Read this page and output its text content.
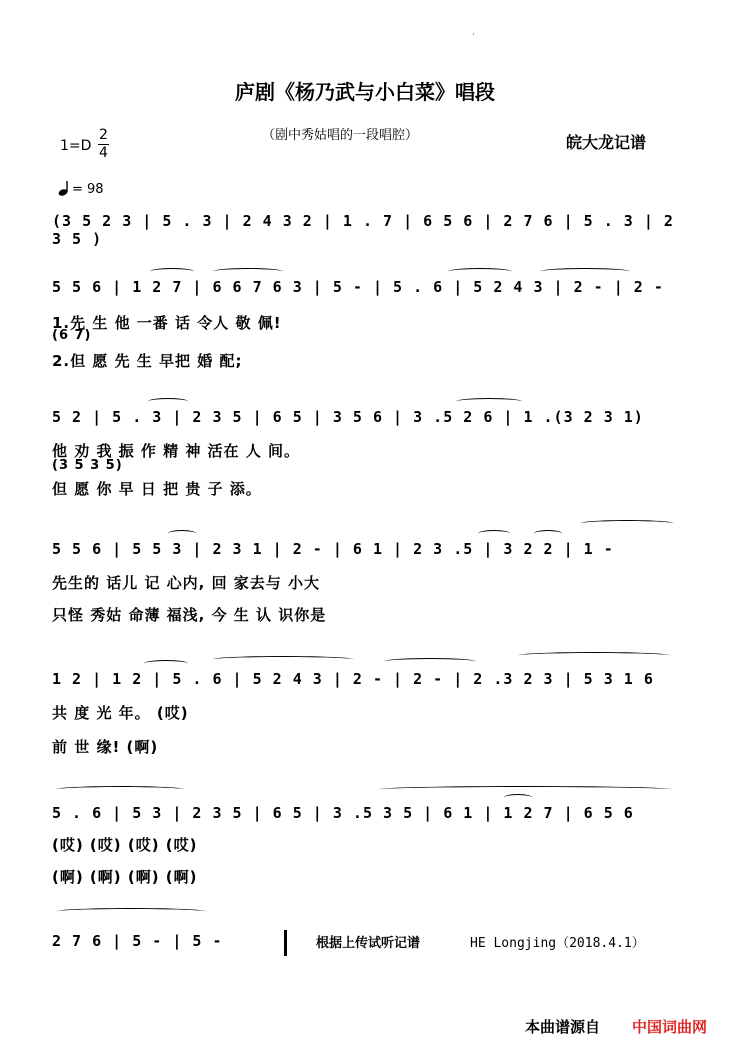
·
庐剧《杨乃武与小白菜》唱段
（剧中秀姑唱的一段唱腔）	皖大龙记谱
1=D
2
4
= 98
(3 5 2 3 | 5 . 3 | 2 4 3 2 | 1 . 7 | 6 5 6 | 2 7 6 | 5 . 3 | 2 3 5 )
5 5 6 | 1 2 7 | 6 6 7 6 3 | 5 - | 5 . 6 | 5 2 4 3 | 2 - | 2 -
1.先 生 他 一番 话 令人 敬 佩!
(6 7)
2.但 愿 先 生 早把 婚 配;
5 2 | 5 . 3 | 2 3 5 | 6 5 | 3 5 6 | 3 .5 2 6 | 1 .(3 2 3 1)
他 劝 我 振 作 精 神 活在 人 间。
(3 5 3 5)
但 愿 你 早 日 把 贵 子 添。
5 5 6 | 5 5 3 | 2 3 1 | 2 - | 6 1 | 2 3 .5 | 3 2 2 | 1 -
先生的 话儿 记 心内, 回 家去与 小大
只怪 秀姑 命薄 福浅, 今 生 认 识你是
1 2 | 1 2 | 5 . 6 | 5 2 4 3 | 2 - | 2 - | 2 .3 2 3 | 5 3 1 6
共 度 光 年。 (哎)
前 世 缘! (啊)
5 . 6 | 5 3 | 2 3 5 | 6 5 | 3 .5 3 5 | 6 1 | 1 2 7 | 6 5 6
(哎) (哎) (哎) (哎)
(啊) (啊) (啊) (啊)
2 7 6 | 5 - | 5 -	根据上传试听记谱	HE Longjing（2018.4.1）
本曲谱源自 中国词曲网
